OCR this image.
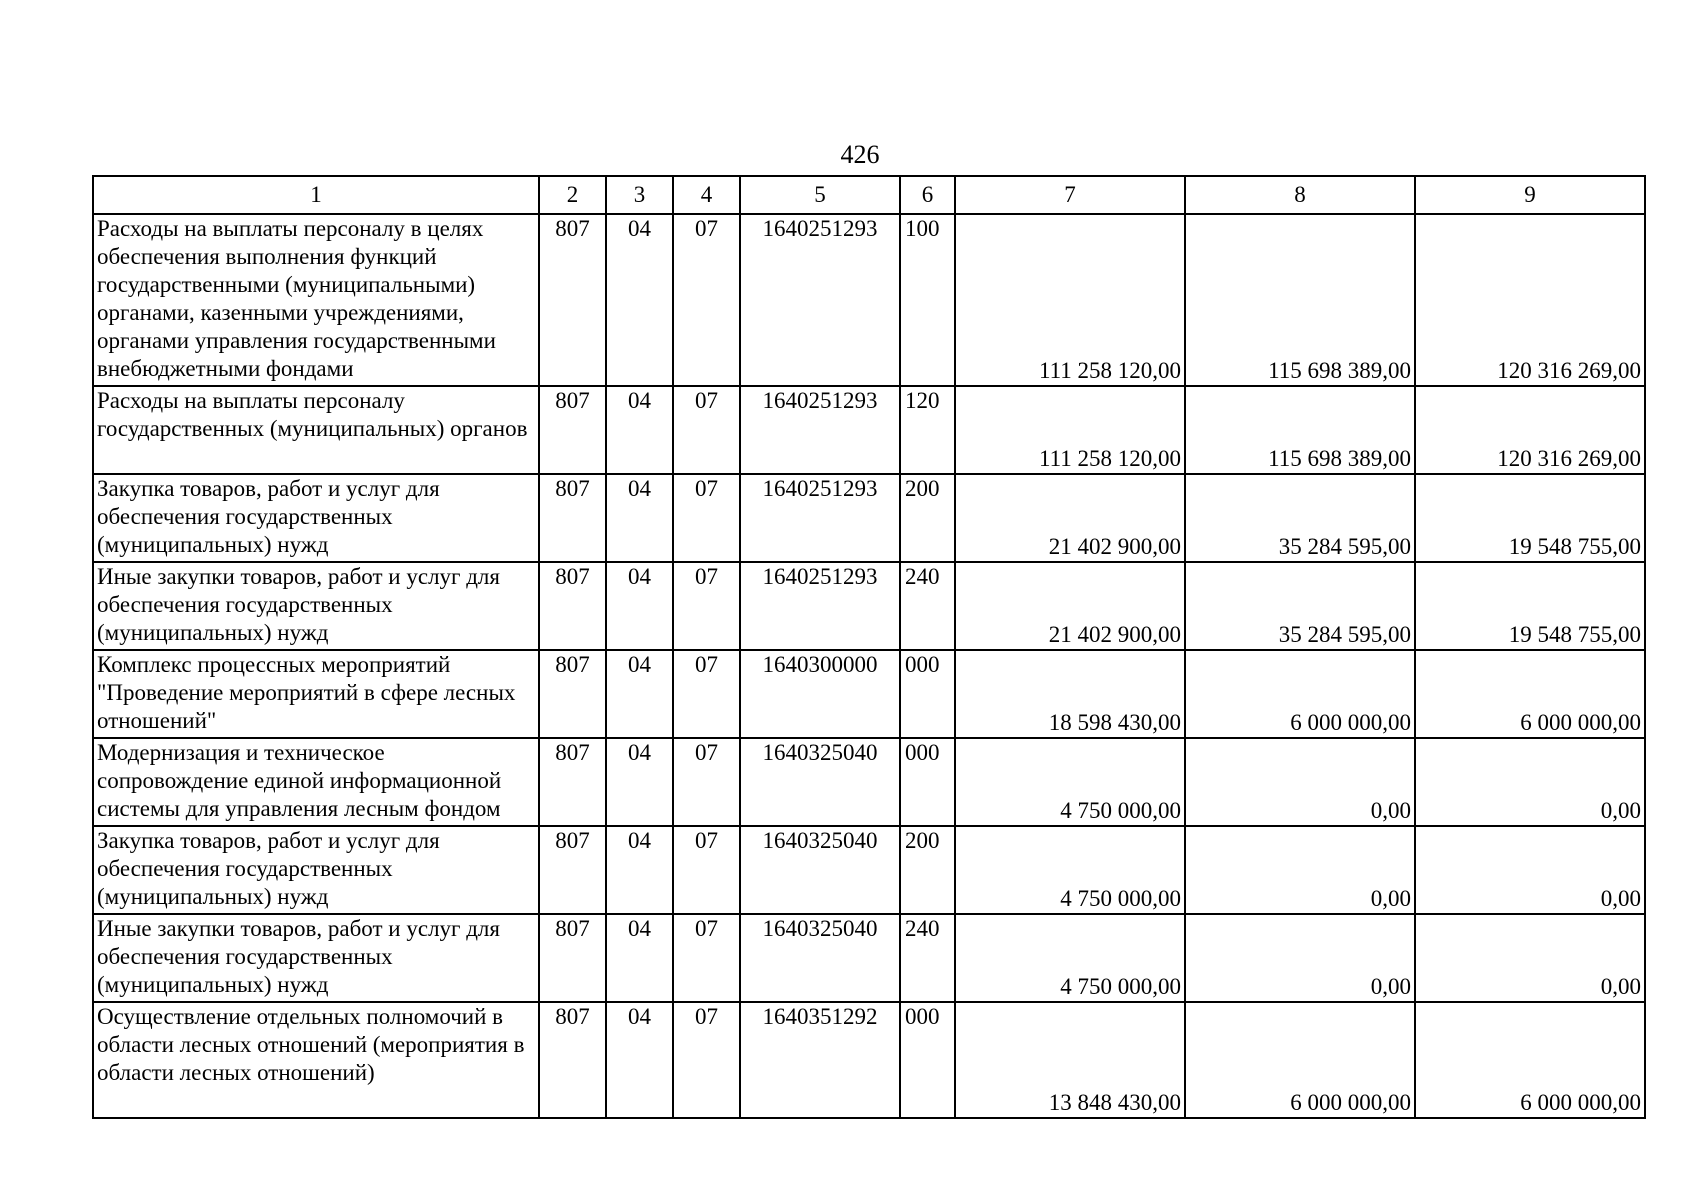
426
1	2	3	4	5	6	7	8	9
Расходы на выплаты персоналу в целях обеспечения выполнения функций государственными (муниципальными) органами, казенными учреждениями, органами управления государственными внебюджетными фондами	807	04	07	1640251293	100	111 258 120,00	115 698 389,00	120 316 269,00
Расходы на выплаты персоналу государственных (муниципальных) органов	807	04	07	1640251293	120	111 258 120,00	115 698 389,00	120 316 269,00
Закупка товаров, работ и услуг для обеспечения государственных (муниципальных) нужд	807	04	07	1640251293	200	21 402 900,00	35 284 595,00	19 548 755,00
Иные закупки товаров, работ и услуг для обеспечения государственных (муниципальных) нужд	807	04	07	1640251293	240	21 402 900,00	35 284 595,00	19 548 755,00
Комплекс процессных мероприятий "Проведение мероприятий в сфере лесных отношений"	807	04	07	1640300000	000	18 598 430,00	6 000 000,00	6 000 000,00
Модернизация и техническое сопровождение единой информационной системы для управления лесным фондом	807	04	07	1640325040	000	4 750 000,00	0,00	0,00
Закупка товаров, работ и услуг для обеспечения государственных (муниципальных) нужд	807	04	07	1640325040	200	4 750 000,00	0,00	0,00
Иные закупки товаров, работ и услуг для обеспечения государственных (муниципальных) нужд	807	04	07	1640325040	240	4 750 000,00	0,00	0,00
Осуществление отдельных полномочий в области лесных отношений (мероприятия в области лесных отношений)	807	04	07	1640351292	000	13 848 430,00	6 000 000,00	6 000 000,00
